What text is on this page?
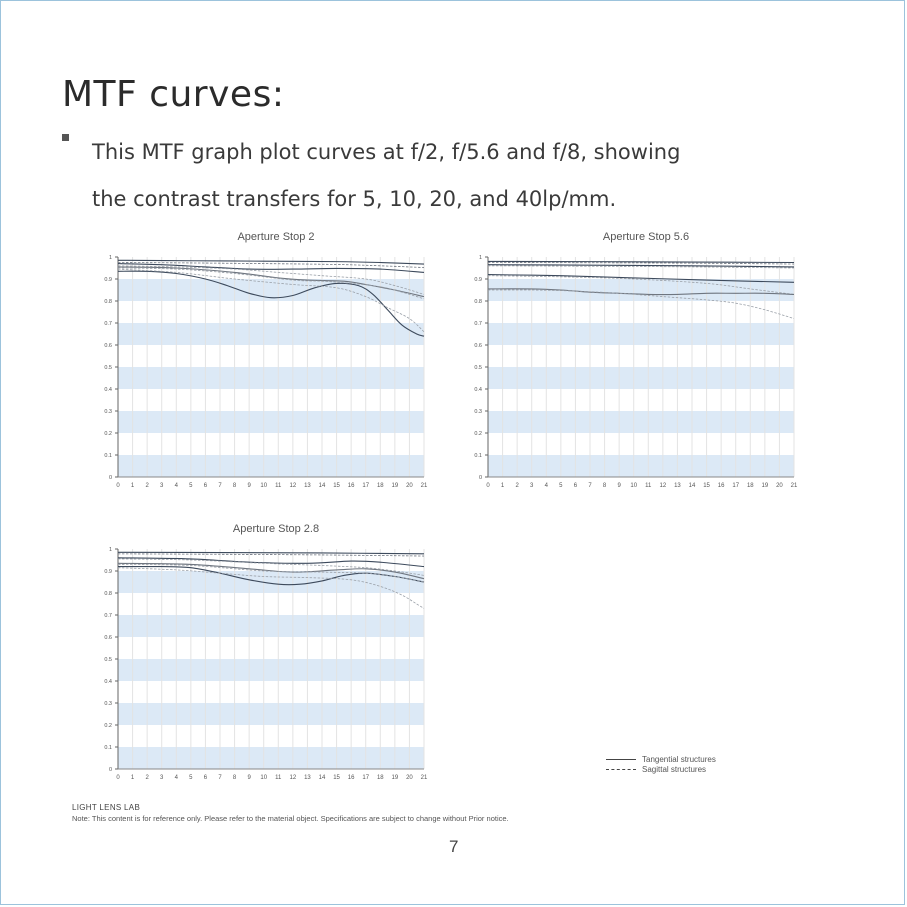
MTF curves:
This MTF graph plot curves at f/2, f/5.6 and f/8, showing
the contrast transfers for 5, 10, 20, and 40lp/mm.
Aperture Stop 2
0
0.1
0.2
0.3
0.4
0.5
0.6
0.7
0.8
0.9
1
0 1 2 3 4 5 6 7 8 9 10 11 12 13 14 15 16 17 18 19 20 21
Aperture Stop 5.6
0
0.1
0.2
0.3
0.4
0.5
0.6
0.7
0.8
0.9
1
0 1 2 3 4 5 6 7 8 9 10 11 12 13 14 15 16 17 18 19 20 21
Aperture Stop 2.8
0
0.1
0.2
0.3
0.4
0.5
0.6
0.7
0.8
0.9
1
0 1 2 3 4 5 6 7 8 9 10 11 12 13 14 15 16 17 18 19 20 21
Tangential structures
Sagittal structures
LIGHT LENS LAB
Note: This content is for reference only. Please refer to the material object. Specifications are subject to change without Prior notice.
7
